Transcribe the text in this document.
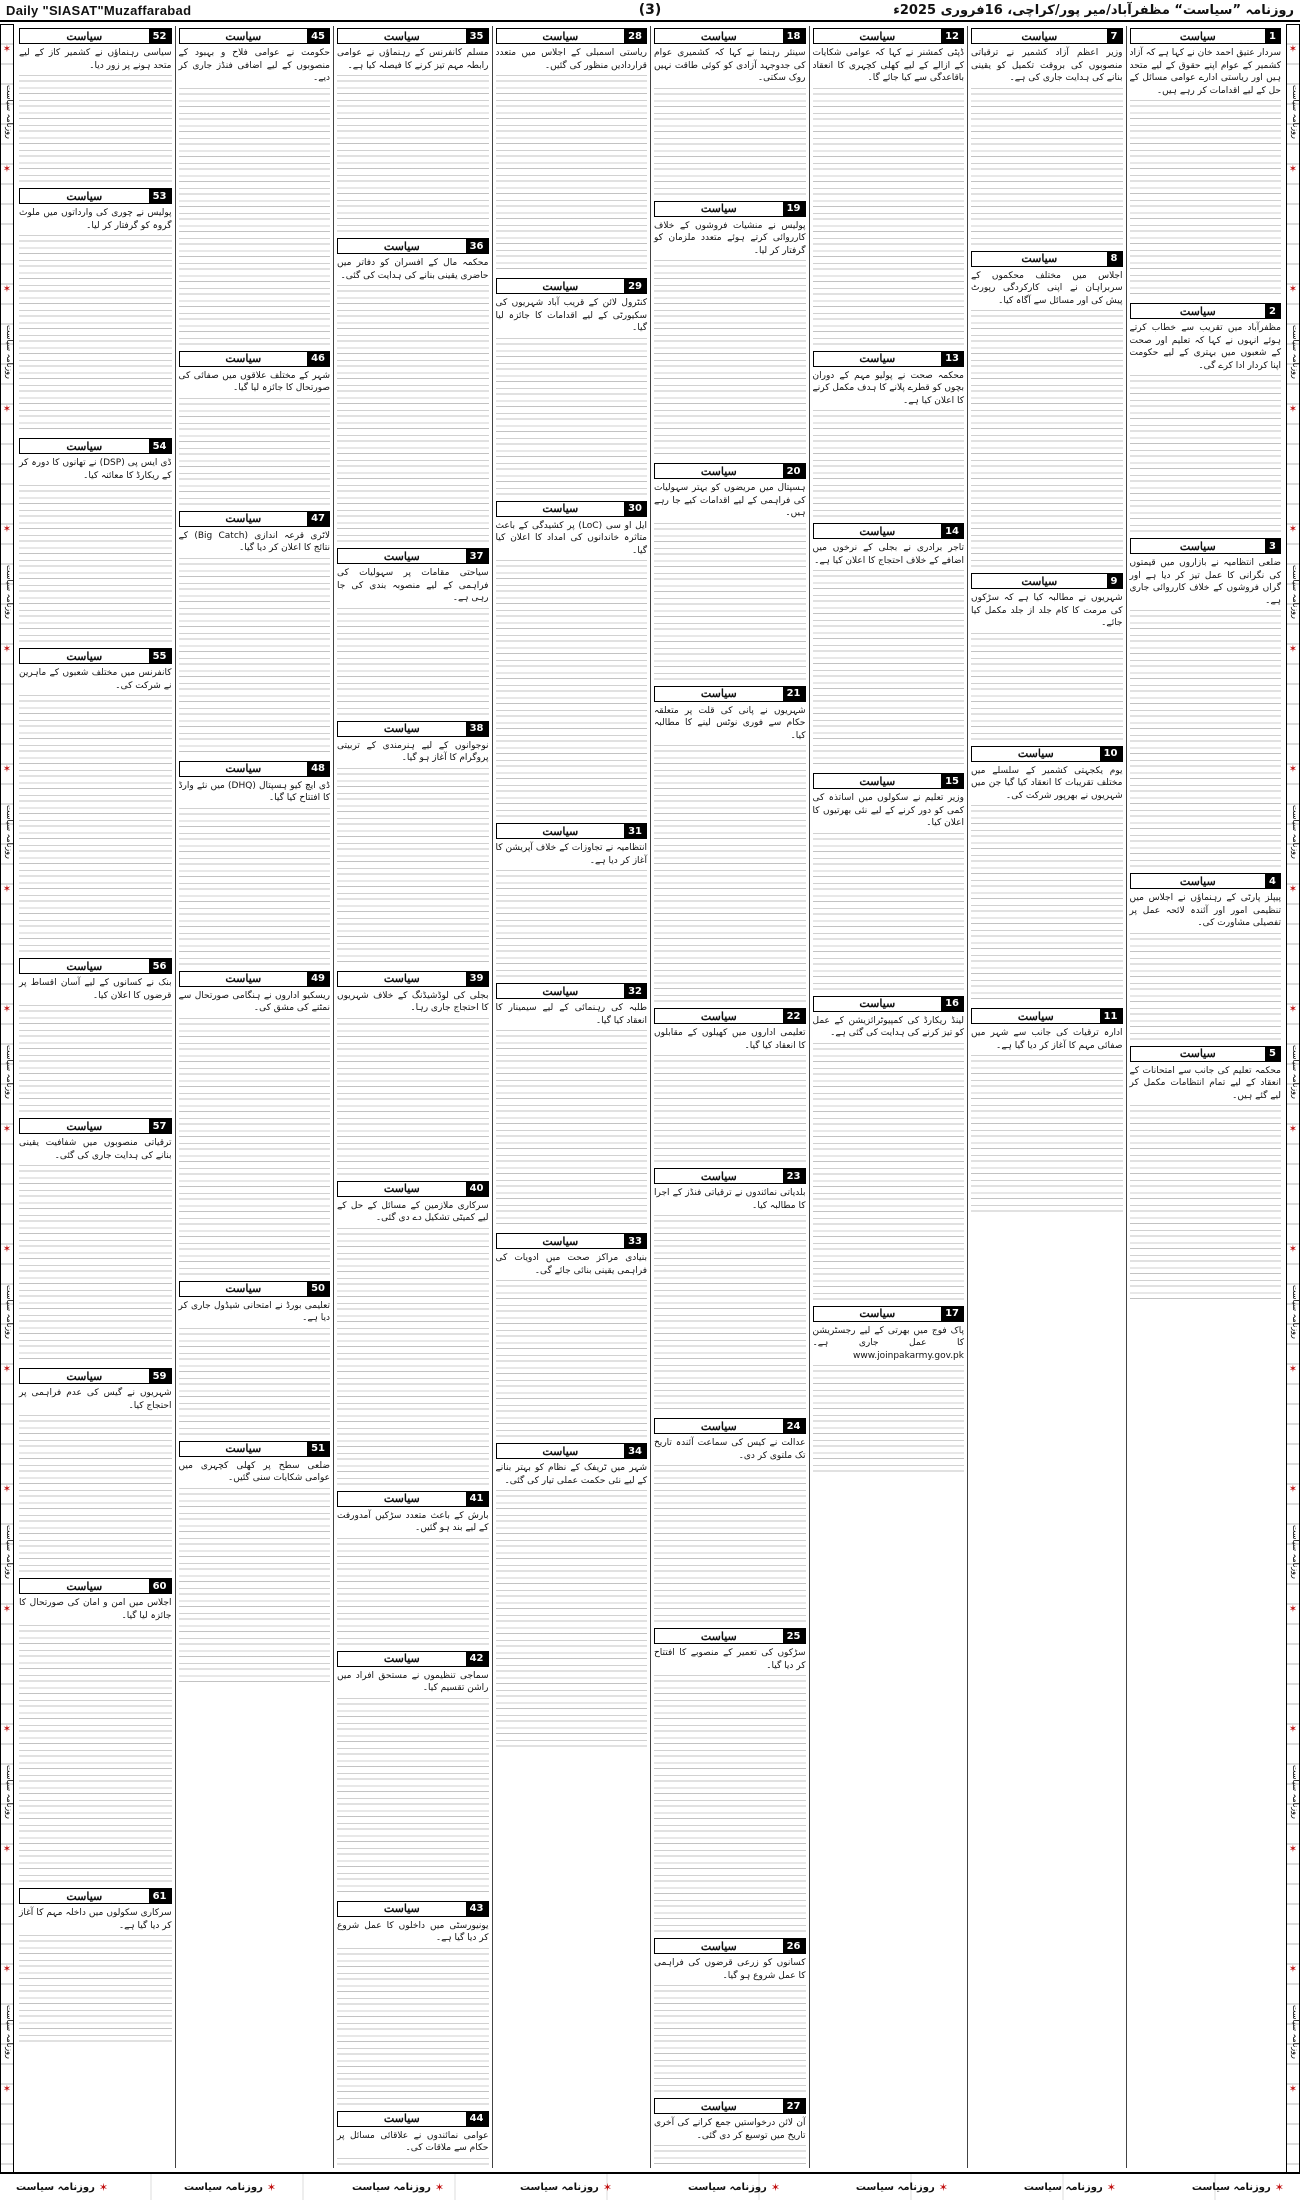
Daily "SIASAT"Muzaffarabad	(3)	روزنامہ ”سیاست“ مظفرآباد/میر پور/کراچی، 16فروری 2025ء
✶
✶
✶
✶
✶
✶
✶
✶
✶
✶
✶
✶
✶
✶
✶
✶
✶
✶
روزنامہ سیاست
روزنامہ سیاست
روزنامہ سیاست
روزنامہ سیاست
روزنامہ سیاست
روزنامہ سیاست
روزنامہ سیاست
روزنامہ سیاست
روزنامہ سیاست
✶
✶
✶
✶
✶
✶
✶
✶
✶
✶
✶
✶
✶
✶
✶
✶
✶
✶
روزنامہ سیاست
روزنامہ سیاست
روزنامہ سیاست
روزنامہ سیاست
روزنامہ سیاست
روزنامہ سیاست
روزنامہ سیاست
روزنامہ سیاست
روزنامہ سیاست
سیاست	1

سردار عتیق احمد خان نے کہا ہے کہ آزاد کشمیر کے عوام اپنے حقوق کے لیے متحد ہیں اور ریاستی ادارے عوامی مسائل کے حل کے لیے اقدامات کر رہے ہیں۔

سیاست	2

مظفرآباد میں تقریب سے خطاب کرتے ہوئے انہوں نے کہا کہ تعلیم اور صحت کے شعبوں میں بہتری کے لیے حکومت اپنا کردار ادا کرے گی۔

سیاست	3

ضلعی انتظامیہ نے بازاروں میں قیمتوں کی نگرانی کا عمل تیز کر دیا ہے اور گراں فروشوں کے خلاف کارروائی جاری ہے۔

سیاست	4

پیپلز پارٹی کے رہنماؤں نے اجلاس میں تنظیمی امور اور آئندہ لائحہ عمل پر تفصیلی مشاورت کی۔

سیاست	5

محکمہ تعلیم کی جانب سے امتحانات کے انعقاد کے لیے تمام انتظامات مکمل کر لیے گئے ہیں۔

سیاست	7

وزیر اعظم آزاد کشمیر نے ترقیاتی منصوبوں کی بروقت تکمیل کو یقینی بنانے کی ہدایت جاری کی ہے۔

سیاست	8

اجلاس میں مختلف محکموں کے سربراہان نے اپنی کارکردگی رپورٹ پیش کی اور مسائل سے آگاہ کیا۔

سیاست	9

شہریوں نے مطالبہ کیا ہے کہ سڑکوں کی مرمت کا کام جلد از جلد مکمل کیا جائے۔

سیاست	10

یوم یکجہتی کشمیر کے سلسلے میں مختلف تقریبات کا انعقاد کیا گیا جن میں شہریوں نے بھرپور شرکت کی۔

سیاست	11

ادارہ ترقیات کی جانب سے شہر میں صفائی مہم کا آغاز کر دیا گیا ہے۔

سیاست	12

ڈپٹی کمشنر نے کہا کہ عوامی شکایات کے ازالے کے لیے کھلی کچہری کا انعقاد باقاعدگی سے کیا جائے گا۔

سیاست	13

محکمہ صحت نے پولیو مہم کے دوران بچوں کو قطرے پلانے کا ہدف مکمل کرنے کا اعلان کیا ہے۔

سیاست	14

تاجر برادری نے بجلی کے نرخوں میں اضافے کے خلاف احتجاج کا اعلان کیا ہے۔

سیاست	15

وزیر تعلیم نے سکولوں میں اساتذہ کی کمی کو دور کرنے کے لیے نئی بھرتیوں کا اعلان کیا۔

سیاست	16

لینڈ ریکارڈ کی کمپیوٹرائزیشن کے عمل کو تیز کرنے کی ہدایت کی گئی ہے۔

سیاست	17

پاک فوج میں بھرتی کے لیے رجسٹریشن کا عمل جاری ہے۔ www.joinpakarmy.gov.pk

سیاست	18

سینئر رہنما نے کہا کہ کشمیری عوام کی جدوجہد آزادی کو کوئی طاقت نہیں روک سکتی۔

سیاست	19

پولیس نے منشیات فروشوں کے خلاف کارروائی کرتے ہوئے متعدد ملزمان کو گرفتار کر لیا۔

سیاست	20

ہسپتال میں مریضوں کو بہتر سہولیات کی فراہمی کے لیے اقدامات کیے جا رہے ہیں۔

سیاست	21

شہریوں نے پانی کی قلت پر متعلقہ حکام سے فوری نوٹس لینے کا مطالبہ کیا۔

سیاست	22

تعلیمی اداروں میں کھیلوں کے مقابلوں کا انعقاد کیا گیا۔

سیاست	23

بلدیاتی نمائندوں نے ترقیاتی فنڈز کے اجرا کا مطالبہ کیا۔

سیاست	24

عدالت نے کیس کی سماعت آئندہ تاریخ تک ملتوی کر دی۔

سیاست	25

سڑکوں کی تعمیر کے منصوبے کا افتتاح کر دیا گیا۔

سیاست	26

کسانوں کو زرعی قرضوں کی فراہمی کا عمل شروع ہو گیا۔

سیاست	27

آن لائن درخواستیں جمع کرانے کی آخری تاریخ میں توسیع کر دی گئی۔

سیاست	28

ریاستی اسمبلی کے اجلاس میں متعدد قراردادیں منظور کی گئیں۔

سیاست	29

کنٹرول لائن کے قریب آباد شہریوں کی سکیورٹی کے لیے اقدامات کا جائزہ لیا گیا۔

سیاست	30

ایل او سی (LoC) پر کشیدگی کے باعث متاثرہ خاندانوں کی امداد کا اعلان کیا گیا۔

سیاست	31

انتظامیہ نے تجاوزات کے خلاف آپریشن کا آغاز کر دیا ہے۔

سیاست	32

طلبہ کی رہنمائی کے لیے سیمینار کا انعقاد کیا گیا۔

سیاست	33

بنیادی مراکز صحت میں ادویات کی فراہمی یقینی بنائی جائے گی۔

سیاست	34

شہر میں ٹریفک کے نظام کو بہتر بنانے کے لیے نئی حکمت عملی تیار کی گئی۔

سیاست	35

مسلم کانفرنس کے رہنماؤں نے عوامی رابطہ مہم تیز کرنے کا فیصلہ کیا ہے۔

سیاست	36

محکمہ مال کے افسران کو دفاتر میں حاضری یقینی بنانے کی ہدایت کی گئی۔

سیاست	37

سیاحتی مقامات پر سہولیات کی فراہمی کے لیے منصوبہ بندی کی جا رہی ہے۔

سیاست	38

نوجوانوں کے لیے ہنرمندی کے تربیتی پروگرام کا آغاز ہو گیا۔

سیاست	39

بجلی کی لوڈشیڈنگ کے خلاف شہریوں کا احتجاج جاری رہا۔

سیاست	40

سرکاری ملازمین کے مسائل کے حل کے لیے کمیٹی تشکیل دے دی گئی۔

سیاست	41

بارش کے باعث متعدد سڑکیں آمدورفت کے لیے بند ہو گئیں۔

سیاست	42

سماجی تنظیموں نے مستحق افراد میں راشن تقسیم کیا۔

سیاست	43

یونیورسٹی میں داخلوں کا عمل شروع کر دیا گیا ہے۔

سیاست	44

عوامی نمائندوں نے علاقائی مسائل پر حکام سے ملاقات کی۔

سیاست	45

حکومت نے عوامی فلاح و بہبود کے منصوبوں کے لیے اضافی فنڈز جاری کر دیے۔

سیاست	46

شہر کے مختلف علاقوں میں صفائی کی صورتحال کا جائزہ لیا گیا۔

سیاست	47

لاٹری قرعہ اندازی (Big Catch) کے نتائج کا اعلان کر دیا گیا۔

سیاست	48

ڈی ایچ کیو ہسپتال (DHQ) میں نئے وارڈ کا افتتاح کیا گیا۔

سیاست	49

ریسکیو اداروں نے ہنگامی صورتحال سے نمٹنے کی مشق کی۔

سیاست	50

تعلیمی بورڈ نے امتحانی شیڈول جاری کر دیا ہے۔

سیاست	51

ضلعی سطح پر کھلی کچہری میں عوامی شکایات سنی گئیں۔

سیاست	52

سیاسی رہنماؤں نے کشمیر کاز کے لیے متحد ہونے پر زور دیا۔

سیاست	53

پولیس نے چوری کی وارداتوں میں ملوث گروہ کو گرفتار کر لیا۔

سیاست	54

ڈی ایس پی (DSP) نے تھانوں کا دورہ کر کے ریکارڈ کا معائنہ کیا۔

سیاست	55

کانفرنس میں مختلف شعبوں کے ماہرین نے شرکت کی۔

سیاست	56

بنک نے کسانوں کے لیے آسان اقساط پر قرضوں کا اعلان کیا۔

سیاست	57

ترقیاتی منصوبوں میں شفافیت یقینی بنانے کی ہدایت جاری کی گئی۔

سیاست	59

شہریوں نے گیس کی عدم فراہمی پر احتجاج کیا۔

سیاست	60

اجلاس میں امن و امان کی صورتحال کا جائزہ لیا گیا۔

سیاست	61

سرکاری سکولوں میں داخلہ مہم کا آغاز کر دیا گیا ہے۔

✶
روزنامہ سیاست	✶
روزنامہ سیاست	✶
روزنامہ سیاست	✶
روزنامہ سیاست	✶
روزنامہ سیاست	✶
روزنامہ سیاست	✶
روزنامہ سیاست	✶
روزنامہ سیاست
